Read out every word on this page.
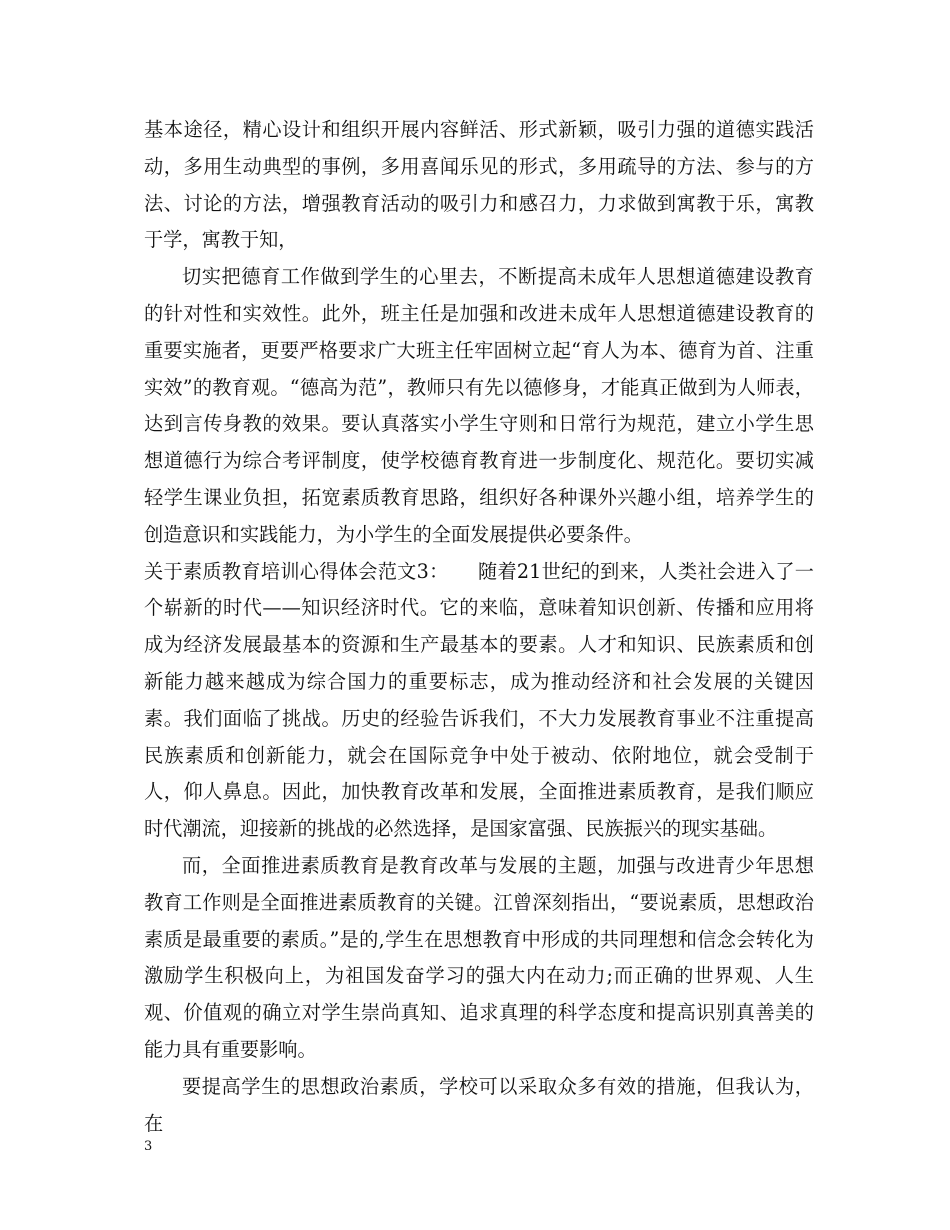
基本途径，精心设计和组织开展内容鲜活、形式新颖，吸引力强的道德实践活动，多用生动典型的事例，多用喜闻乐见的形式，多用疏导的方法、参与的方法、讨论的方法，增强教育活动的吸引力和感召力，力求做到寓教于乐，寓教于学，寓教于知，

切实把德育工作做到学生的心里去，不断提高未成年人思想道德建设教育的针对性和实效性。此外，班主任是加强和改进未成年人思想道德建设教育的重要实施者，更要严格要求广大班主任牢固树立起“育人为本、德育为首、注重实效”的教育观。“德高为范”，教师只有先以德修身，才能真正做到为人师表，达到言传身教的效果。要认真落实小学生守则和日常行为规范，建立小学生思想道德行为综合考评制度，使学校德育教育进一步制度化、规范化。要切实减轻学生课业负担，拓宽素质教育思路，组织好各种课外兴趣小组，培养学生的创造意识和实践能力，为小学生的全面发展提供必要条件。

关于素质教育培训心得体会范文3：　　随着21世纪的到来，人类社会进入了一个崭新的时代——知识经济时代。它的来临，意味着知识创新、传播和应用将成为经济发展最基本的资源和生产最基本的要素。人才和知识、民族素质和创新能力越来越成为综合国力的重要标志，成为推动经济和社会发展的关键因素。我们面临了挑战。历史的经验告诉我们，不大力发展教育事业不注重提高民族素质和创新能力，就会在国际竞争中处于被动、依附地位，就会受制于人，仰人鼻息。因此，加快教育改革和发展，全面推进素质教育，是我们顺应时代潮流，迎接新的挑战的必然选择，是国家富强、民族振兴的现实基础。

而，全面推进素质教育是教育改革与发展的主题，加强与改进青少年思想教育工作则是全面推进素质教育的关键。江曾深刻指出，“要说素质，思想政治素质是最重要的素质。”是的,学生在思想教育中形成的共同理想和信念会转化为激励学生积极向上，为祖国发奋学习的强大内在动力;而正确的世界观、人生观、价值观的确立对学生崇尚真知、追求真理的科学态度和提高识别真善美的能力具有重要影响。

要提高学生的思想政治素质，学校可以采取众多有效的措施，但我认为，在

3
